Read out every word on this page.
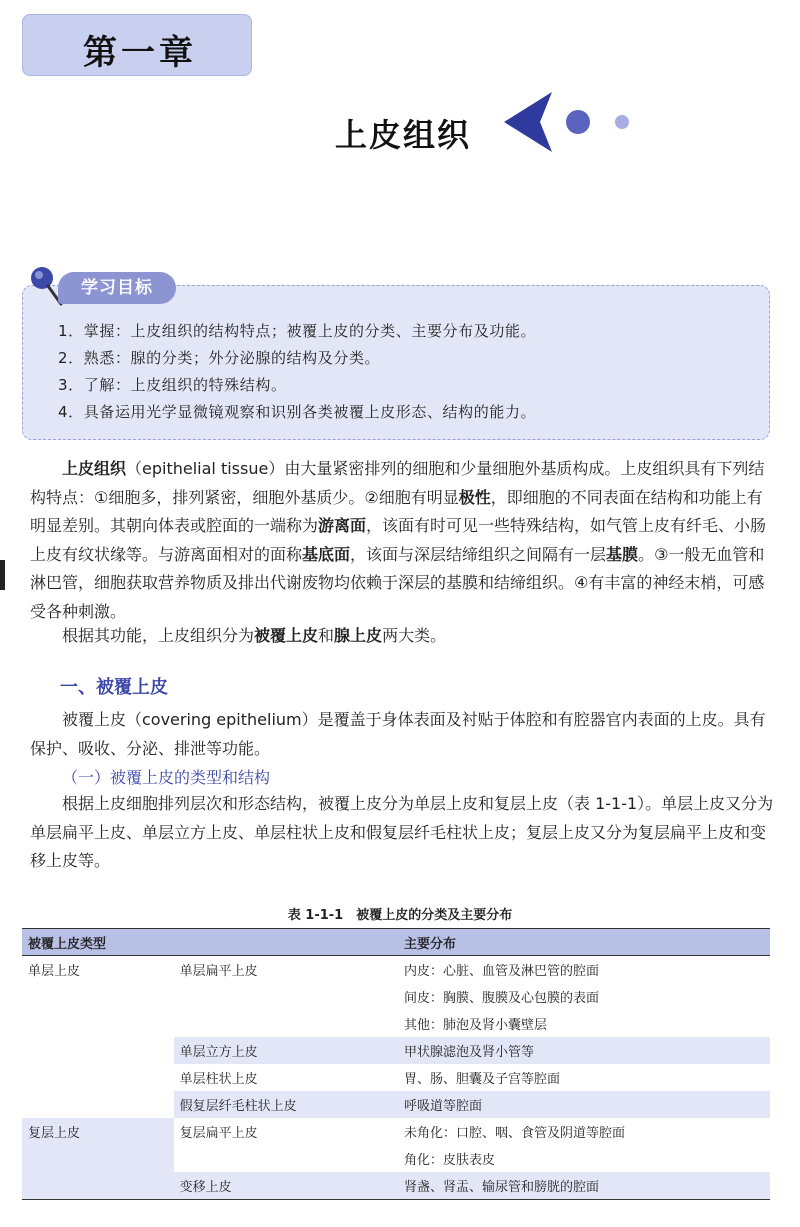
第一章
上皮组织
学习目标
1．掌握：上皮组织的结构特点；被覆上皮的分类、主要分布及功能。
2．熟悉：腺的分类；外分泌腺的结构及分类。
3．了解：上皮组织的特殊结构。
4．具备运用光学显微镜观察和识别各类被覆上皮形态、结构的能力。

上皮组织（epithelial tissue）由大量紧密排列的细胞和少量细胞外基质构成。上皮组织具有下列结构特点：①细胞多，排列紧密，细胞外基质少。②细胞有明显极性，即细胞的不同表面在结构和功能上有明显差别。其朝向体表或腔面的一端称为游离面，该面有时可见一些特殊结构，如气管上皮有纤毛、小肠上皮有纹状缘等。与游离面相对的面称基底面，该面与深层结缔组织之间隔有一层基膜。③一般无血管和淋巴管，细胞获取营养物质及排出代谢废物均依赖于深层的基膜和结缔组织。④有丰富的神经末梢，可感受各种刺激。

根据其功能，上皮组织分为被覆上皮和腺上皮两大类。

一、被覆上皮

被覆上皮（covering epithelium）是覆盖于身体表面及衬贴于体腔和有腔器官内表面的上皮。具有保护、吸收、分泌、排泄等功能。

（一）被覆上皮的类型和结构

根据上皮细胞排列层次和形态结构，被覆上皮分为单层上皮和复层上皮（表 1-1-1）。单层上皮又分为单层扁平上皮、单层立方上皮、单层柱状上皮和假复层纤毛柱状上皮；复层上皮又分为复层扁平上皮和变移上皮等。

表 1-1-1　被覆上皮的分类及主要分布
被覆上皮类型		主要分布
单层上皮	单层扁平上皮	内皮：心脏、血管及淋巴管的腔面
		间皮：胸膜、腹膜及心包膜的表面
		其他：肺泡及肾小囊壁层
	单层立方上皮	甲状腺滤泡及肾小管等
	单层柱状上皮	胃、肠、胆囊及子宫等腔面
	假复层纤毛柱状上皮	呼吸道等腔面
复层上皮	复层扁平上皮	未角化：口腔、咽、食管及阴道等腔面
		角化：皮肤表皮
	变移上皮	肾盏、肾盂、输尿管和膀胱的腔面
